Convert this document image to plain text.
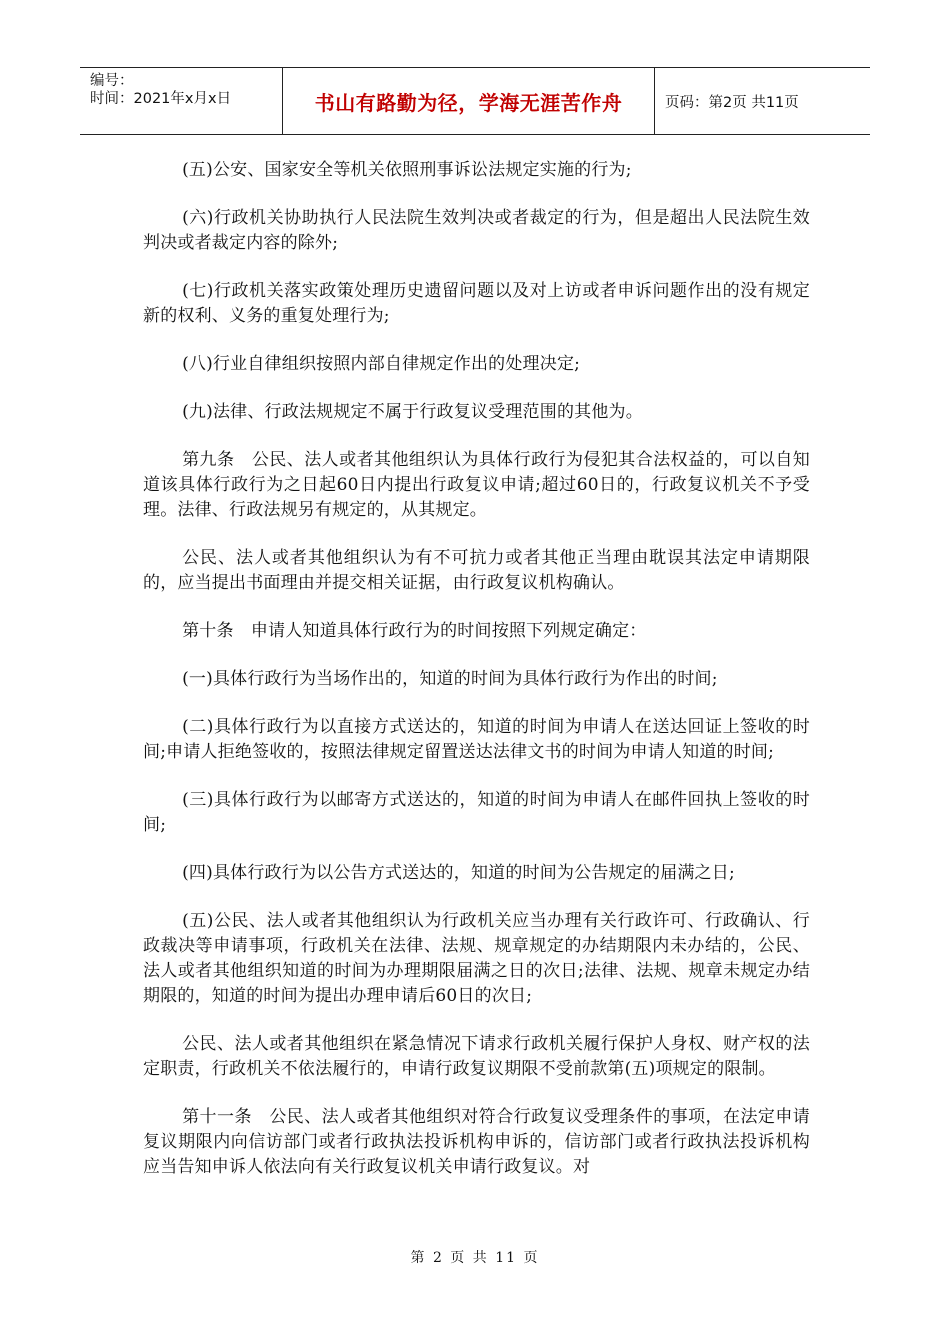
编号：
时间：2021年x月x日	书山有路勤为径，学海无涯苦作舟	页码：第2页 共11页

(五)公安、国家安全等机关依照刑事诉讼法规定实施的行为;

(六)行政机关协助执行人民法院生效判决或者裁定的行为，但是超出人民法院生效判决或者裁定内容的除外;

(七)行政机关落实政策处理历史遗留问题以及对上访或者申诉问题作出的没有规定新的权利、义务的重复处理行为;

(八)行业自律组织按照内部自律规定作出的处理决定;

(九)法律、行政法规规定不属于行政复议受理范围的其他为。

第九条　公民、法人或者其他组织认为具体行政行为侵犯其合法权益的，可以自知道该具体行政行为之日起60日内提出行政复议申请;超过60日的，行政复议机关不予受理。法律、行政法规另有规定的，从其规定。

公民、法人或者其他组织认为有不可抗力或者其他正当理由耽误其法定申请期限的，应当提出书面理由并提交相关证据，由行政复议机构确认。

第十条　申请人知道具体行政行为的时间按照下列规定确定：

(一)具体行政行为当场作出的，知道的时间为具体行政行为作出的时间;

(二)具体行政行为以直接方式送达的，知道的时间为申请人在送达回证上签收的时间;申请人拒绝签收的，按照法律规定留置送达法律文书的时间为申请人知道的时间;

(三)具体行政行为以邮寄方式送达的，知道的时间为申请人在邮件回执上签收的时间;

(四)具体行政行为以公告方式送达的，知道的时间为公告规定的届满之日;

(五)公民、法人或者其他组织认为行政机关应当办理有关行政许可、行政确认、行政裁决等申请事项，行政机关在法律、法规、规章规定的办结期限内未办结的，公民、法人或者其他组织知道的时间为办理期限届满之日的次日;法律、法规、规章未规定办结期限的，知道的时间为提出办理申请后60日的次日;

公民、法人或者其他组织在紧急情况下请求行政机关履行保护人身权、财产权的法定职责，行政机关不依法履行的，申请行政复议期限不受前款第(五)项规定的限制。

第十一条　公民、法人或者其他组织对符合行政复议受理条件的事项，在法定申请复议期限内向信访部门或者行政执法投诉机构申诉的，信访部门或者行政执法投诉机构应当告知申诉人依法向有关行政复议机关申请行政复议。对

第 2 页 共 11 页
